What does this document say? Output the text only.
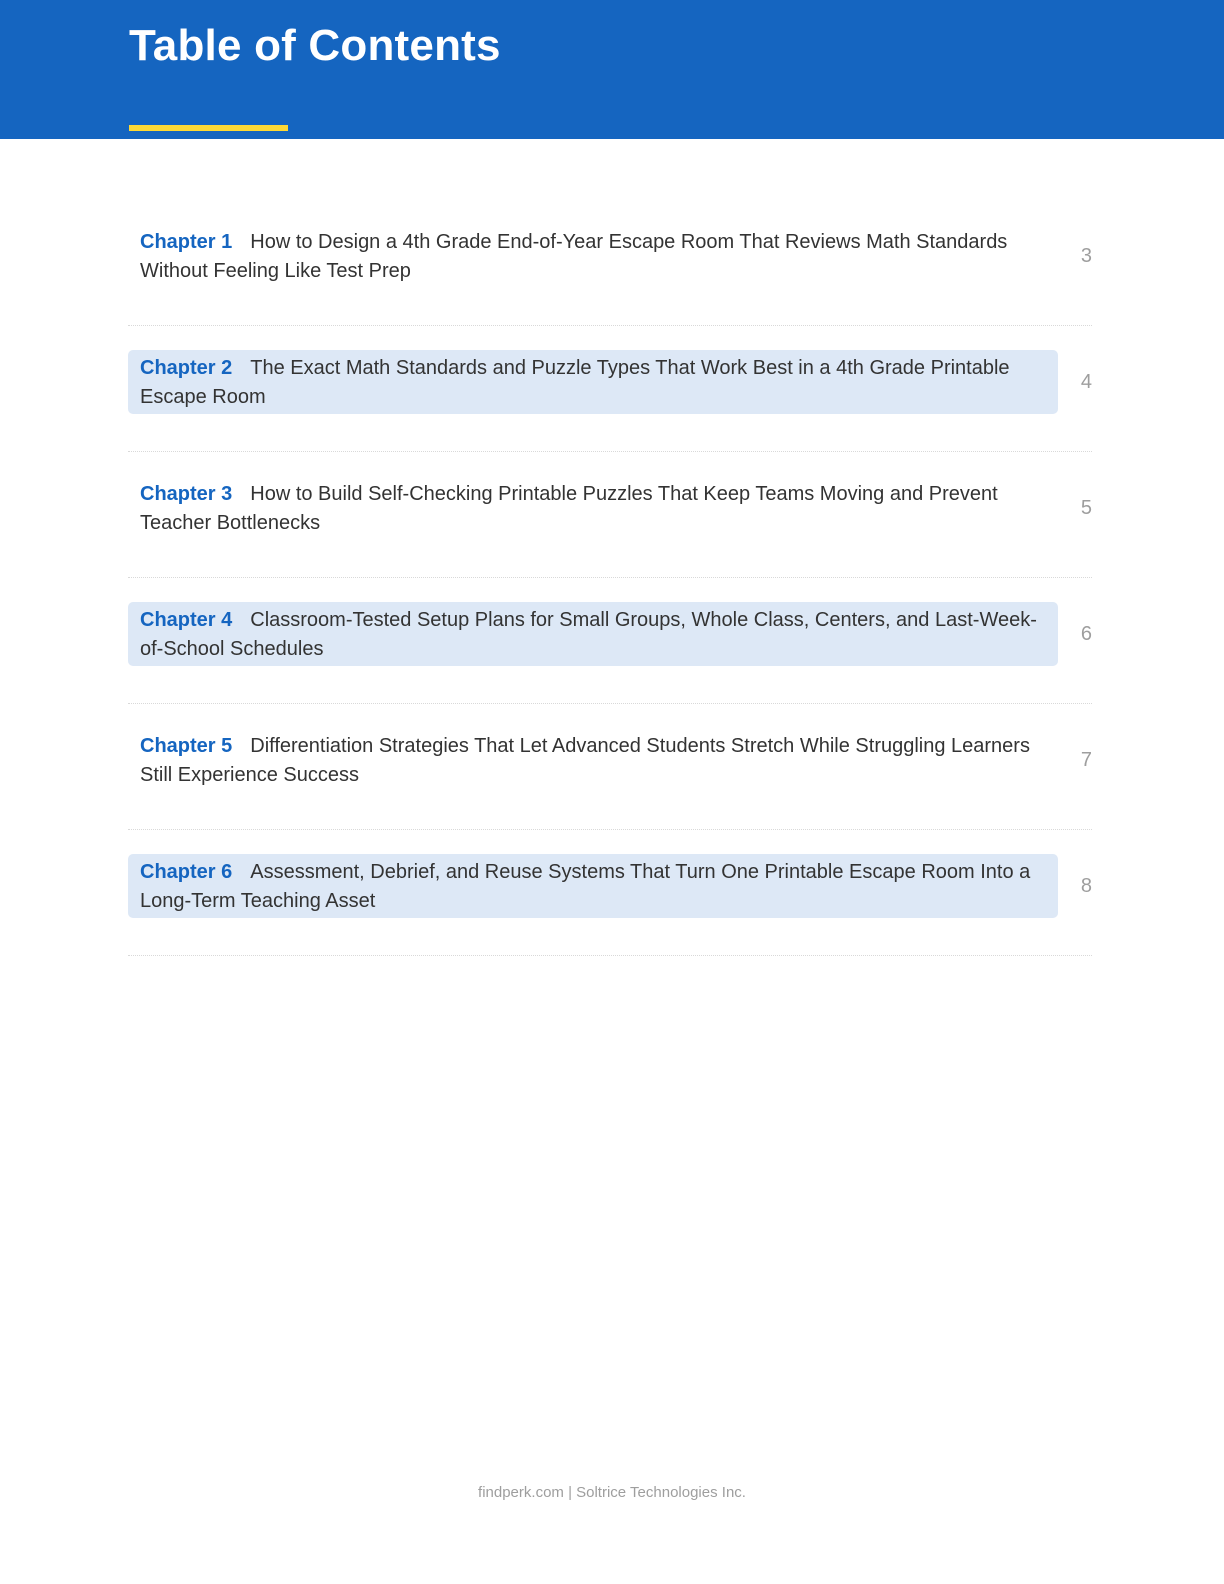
Table of Contents
Chapter 1 How to Design a 4th Grade End-of-Year Escape Room That Reviews Math Standards Without Feeling Like Test Prep
3
Chapter 2 The Exact Math Standards and Puzzle Types That Work Best in a 4th Grade Printable Escape Room
4
Chapter 3 How to Build Self-Checking Printable Puzzles That Keep Teams Moving and Prevent Teacher Bottlenecks
5
Chapter 4 Classroom-Tested Setup Plans for Small Groups, Whole Class, Centers, and Last-Week-of-School Schedules
6
Chapter 5 Differentiation Strategies That Let Advanced Students Stretch While Struggling Learners Still Experience Success
7
Chapter 6 Assessment, Debrief, and Reuse Systems That Turn One Printable Escape Room Into a Long-Term Teaching Asset
8
findperk.com | Soltrice Technologies Inc.
